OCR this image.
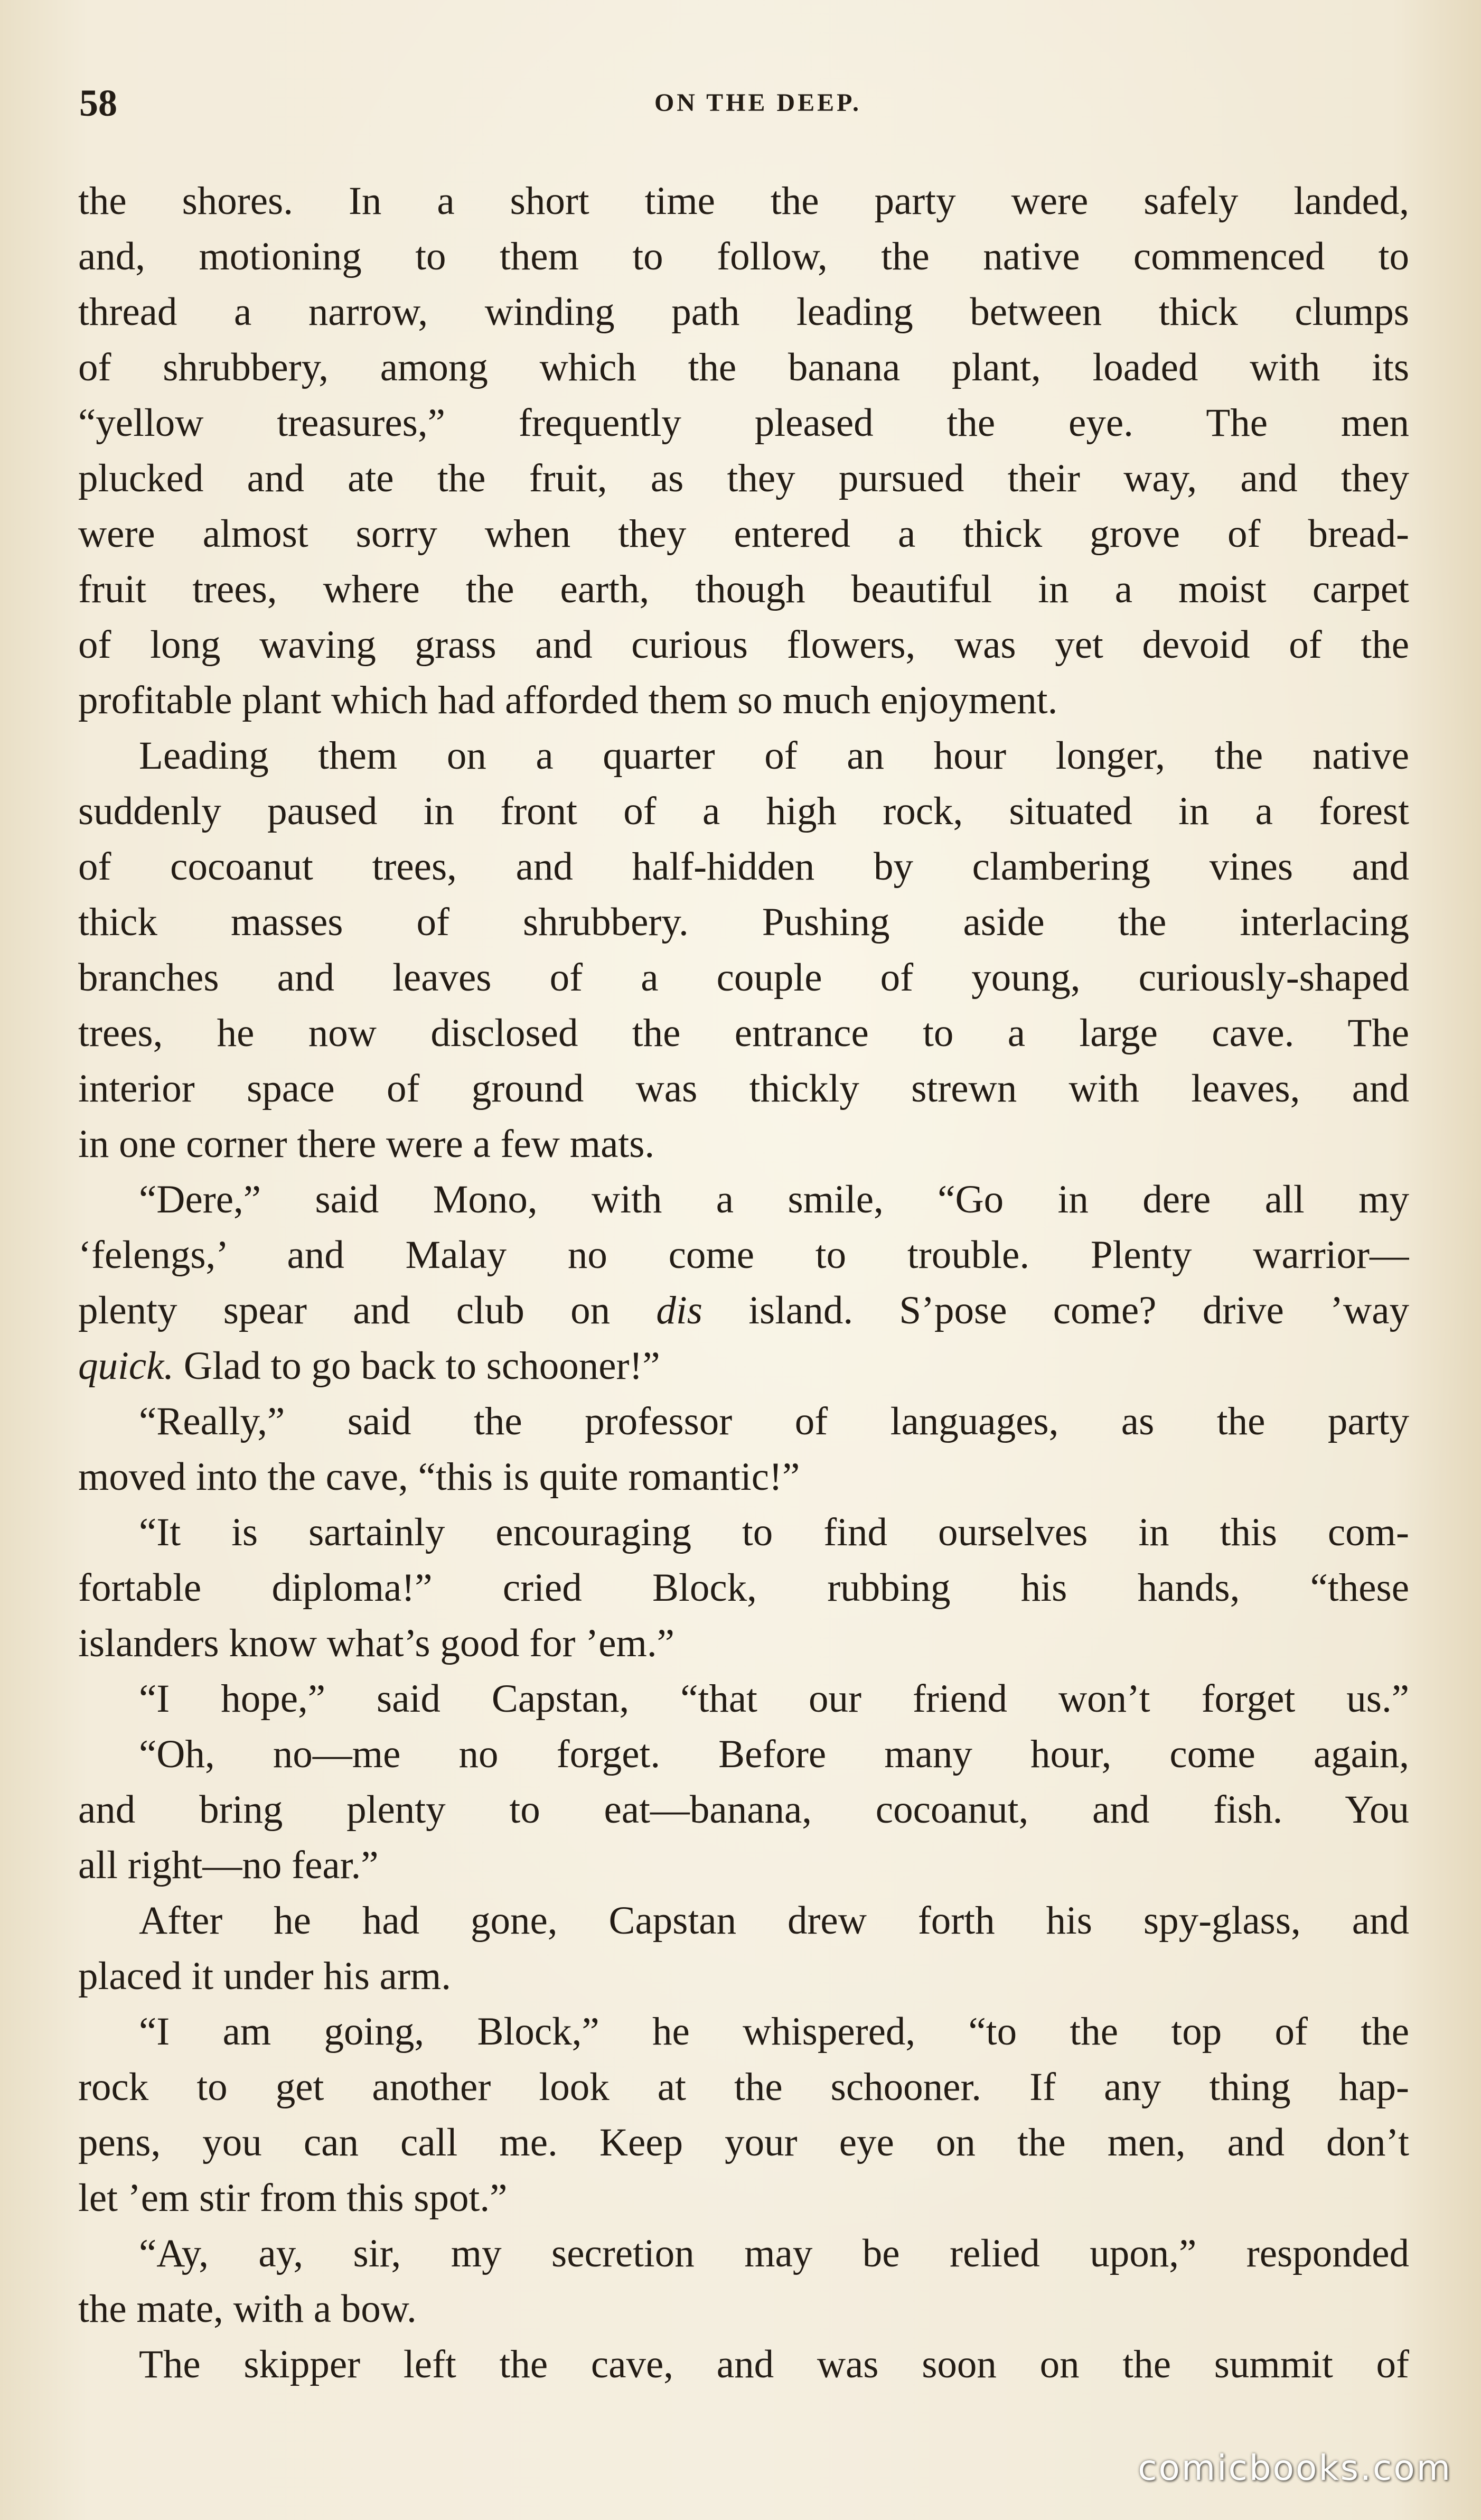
58	ON THE DEEP.
the shores. In a short time the party were safely landed,
and, motioning to them to follow, the native commenced to
thread a narrow, winding path leading between thick clumps
of shrubbery, among which the banana plant, loaded with its
“yellow treasures,” frequently pleased the eye. The men
plucked and ate the fruit, as they pursued their way, and they
were almost sorry when they entered a thick grove of bread-
fruit trees, where the earth, though beautiful in a moist carpet
of long waving grass and curious flowers, was yet devoid of the
profitable plant which had afforded them so much enjoyment.
Leading them on a quarter of an hour longer, the native
suddenly paused in front of a high rock, situated in a forest
of cocoanut trees, and half-hidden by clambering vines and
thick masses of shrubbery. Pushing aside the interlacing
branches and leaves of a couple of young, curiously-shaped
trees, he now disclosed the entrance to a large cave. The
interior space of ground was thickly strewn with leaves, and
in one corner there were a few mats.
“Dere,” said Mono, with a smile, “Go in dere all my
‘felengs,’ and Malay no come to trouble. Plenty warrior—
plenty spear and club on dis island. S’pose come? drive ’way
quick. Glad to go back to schooner!”
“Really,” said the professor of languages, as the party
moved into the cave, “this is quite romantic!”
“It is sartainly encouraging to find ourselves in this com-
fortable diploma!” cried Block, rubbing his hands, “these
islanders know what’s good for ’em.”
“I hope,” said Capstan, “that our friend won’t forget us.”
“Oh, no—me no forget. Before many hour, come again,
and bring plenty to eat—banana, cocoanut, and fish. You
all right—no fear.”
After he had gone, Capstan drew forth his spy-glass, and
placed it under his arm.
“I am going, Block,” he whispered, “to the top of the
rock to get another look at the schooner. If any thing hap-
pens, you can call me. Keep your eye on the men, and don’t
let ’em stir from this spot.”
“Ay, ay, sir, my secretion may be relied upon,” responded
the mate, with a bow.
The skipper left the cave, and was soon on the summit of
comicbooks.com
